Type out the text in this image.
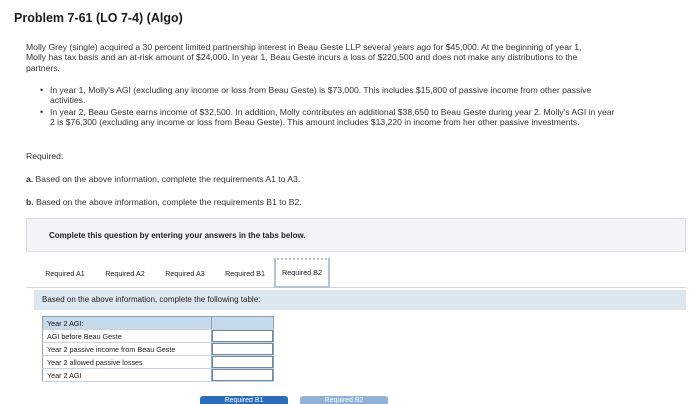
Problem 7-61 (LO 7-4) (Algo)
Molly Grey (single) acquired a 30 percent limited partnership interest in Beau Geste LLP several years ago for $45,000. At the beginning of year 1, Molly has tax basis and an at-risk amount of $24,000. In year 1, Beau Geste incurs a loss of $220,500 and does not make any distributions to the partners.
• In year 1, Molly's AGI (excluding any income or loss from Beau Geste) is $73,000. This includes $15,800 of passive income from other passive activities.
• In year 2, Beau Geste earns income of $32,500. In addition, Molly contributes an additional $38,650 to Beau Geste during year 2. Molly's AGI in year 2 is $76,300 (excluding any income or loss from Beau Geste). This amount includes $13,220 in income from her other passive investments.
Required:
a. Based on the above information, complete the requirements A1 to A3.
b. Based on the above information, complete the requirements B1 to B2.
Complete this question by entering your answers in the tabs below.
Required A1	Required A2	Required A3	Required B1	Required B2
Based on the above information, complete the following table:
Year 2 AGI:	
AGI before Beau Geste	

Year 2 passive income from Beau Geste	

Year 2 allowed passive losses	

Year 2 AGI	
Required B1	Required B2
